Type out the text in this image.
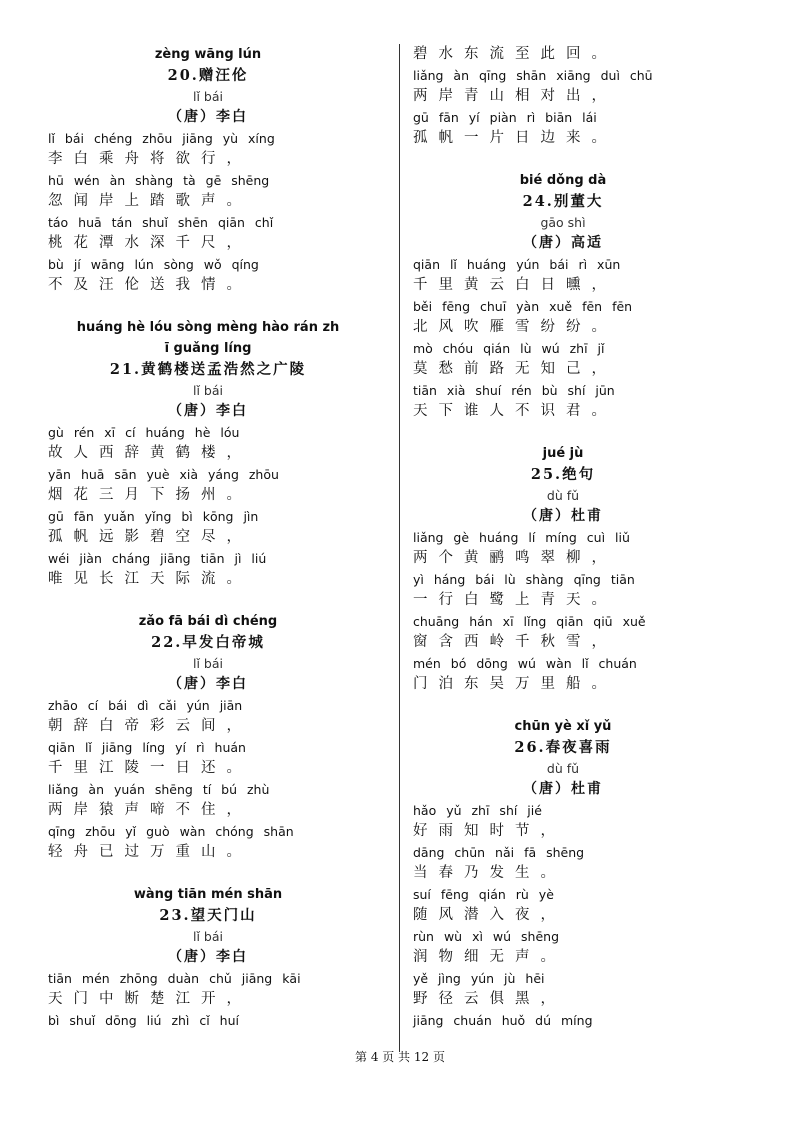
zèng wāng lún
20.赠汪伦
lǐ bái
（唐）李白
lǐ bái chéng zhōu jiāng yù xíng
李白乘舟将欲行，
hū wén àn shàng tà gē shēng
忽闻岸上踏歌声。
táo huā tán shuǐ shēn qiān chǐ
桃花潭水深千尺，
bù jí wāng lún sòng wǒ qíng
不及汪伦送我情。
huáng hè lóu sòng mèng hào rán zh
ī guǎng líng
21.黄鹤楼送孟浩然之广陵
lǐ bái
（唐）李白
gù rén xī cí huáng hè lóu
故人西辞黄鹤楼，
yān huā sān yuè xià yáng zhōu
烟花三月下扬州。
gū fān yuǎn yǐng bì kōng jìn
孤帆远影碧空尽，
wéi jiàn cháng jiāng tiān jì liú
唯见长江天际流。
zǎo fā bái dì chéng
22.早发白帝城
lǐ bái
（唐）李白
zhāo cí bái dì cǎi yún jiān
朝辞白帝彩云间，
qiān lǐ jiāng líng yí rì huán
千里江陵一日还。
liǎng àn yuán shēng tí bú zhù
两岸猿声啼不住，
qīng zhōu yǐ guò wàn chóng shān
轻舟已过万重山。
wàng tiān mén shān
23.望天门山
lǐ bái
（唐）李白
tiān mén zhōng duàn chǔ jiāng kāi
天门中断楚江开，
bì shuǐ dōng liú zhì cǐ huí
碧水东流至此回。
liǎng àn qīng shān xiāng duì chū
两岸青山相对出，
gū fān yí piàn rì biān lái
孤帆一片日边来。
bié dǒng dà
24.别董大
gāo shì
（唐）高适
qiān lǐ huáng yún bái rì xūn
千里黄云白日曛，
běi fēng chuī yàn xuě fēn fēn
北风吹雁雪纷纷。
mò chóu qián lù wú zhī jǐ
莫愁前路无知己，
tiān xià shuí rén bù shí jūn
天下谁人不识君。
jué jù
25.绝句
dù fǔ
（唐）杜甫
liǎng gè huáng lí míng cuì liǔ
两个黄鹂鸣翠柳，
yì háng bái lù shàng qīng tiān
一行白鹭上青天。
chuāng hán xī lǐng qiān qiū xuě
窗含西岭千秋雪，
mén bó dōng wú wàn lǐ chuán
门泊东吴万里船。
chūn yè xǐ yǔ
26.春夜喜雨
dù fǔ
（唐）杜甫
hǎo yǔ zhī shí jié
好雨知时节，
dāng chūn nǎi fā shēng
当春乃发生。
suí fēng qián rù yè
随风潜入夜，
rùn wù xì wú shēng
润物细无声。
yě jìng yún jù hēi
野径云俱黑，
jiāng chuán huǒ dú míng
第 4 页 共 12 页
